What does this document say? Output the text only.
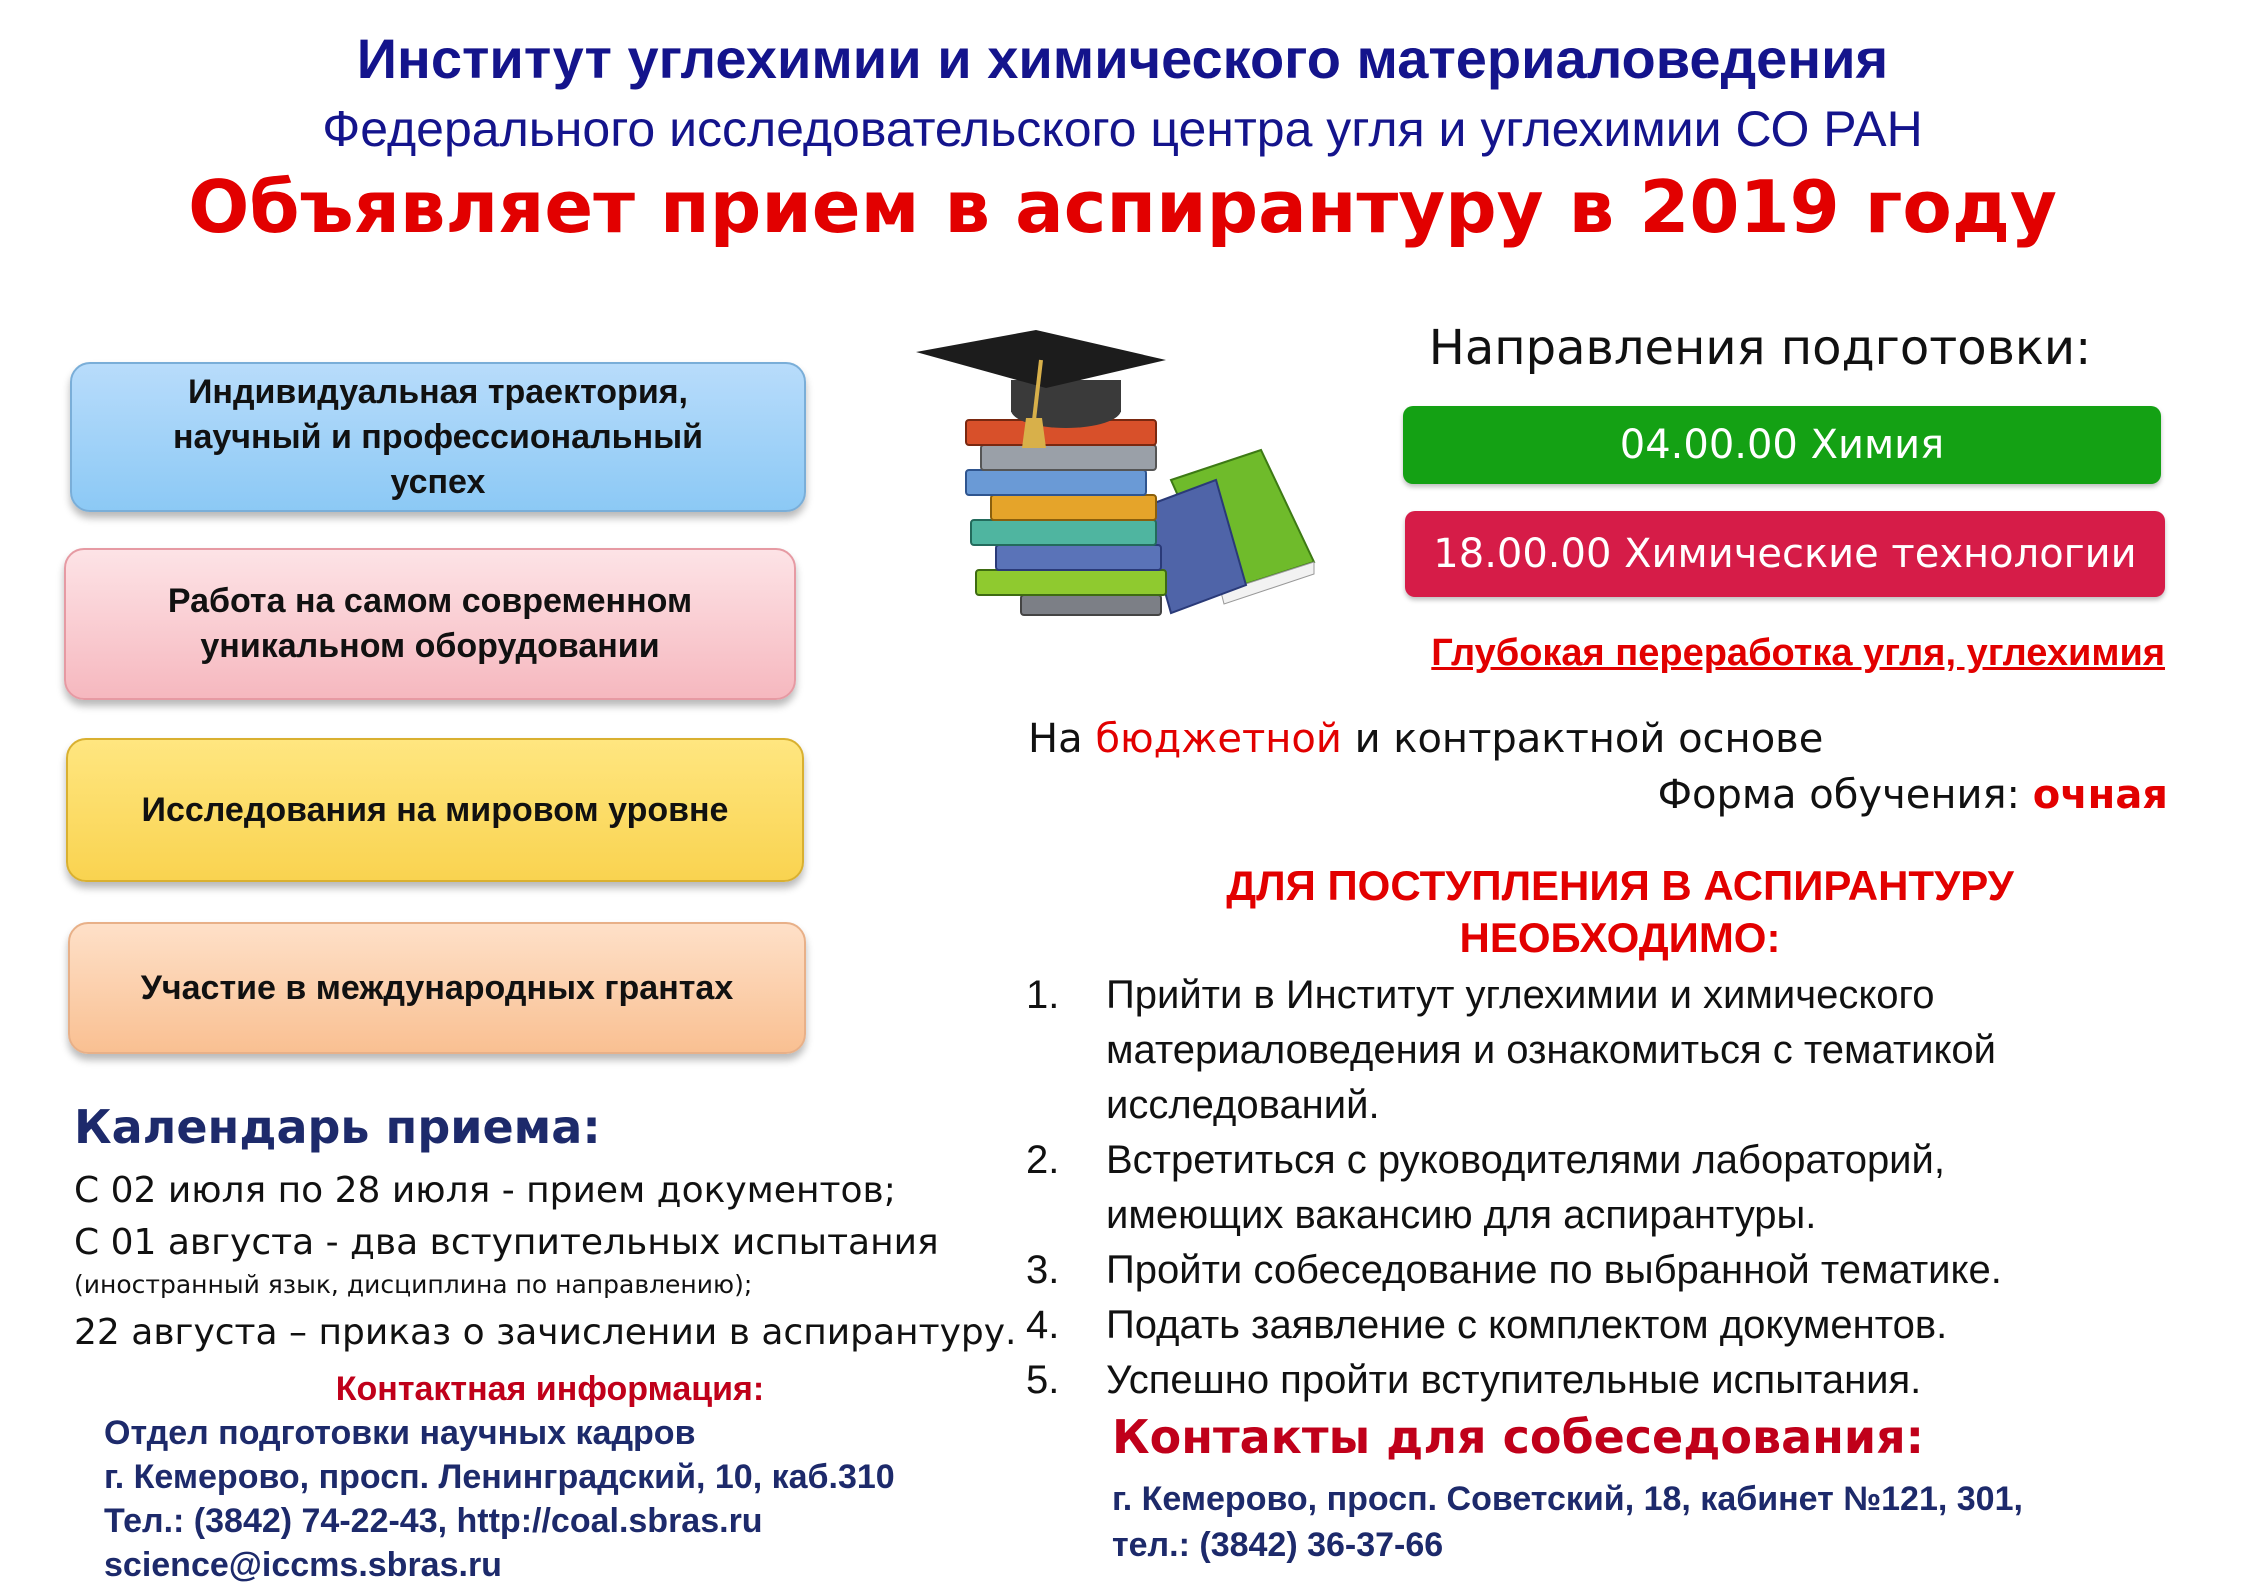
Институт углехимии и химического материаловедения
Федерального исследовательского центра угля и углехимии СО РАН
Объявляет прием в аспирантуру в 2019 году
Индивидуальная траектория,
научный и профессиональный
успех
Работа на самом современном
уникальном оборудовании
Исследования на мировом уровне
Участие в международных грантах
Направления подготовки:
04.00.00 Химия
18.00.00 Химические технологии
Глубокая переработка угля, углехимия
На бюджетной и контрактной основе
Форма обучения: очная
ДЛЯ ПОСТУПЛЕНИЯ В АСПИРАНТУРУ
НЕОБХОДИМО:
1.	Прийти в Институт углехимии и химического
материаловедения и ознакомиться с тематикой
исследований.
2.	Встретиться с руководителями лабораторий,
имеющих вакансию для аспирантуры.
3.	Пройти собеседование по выбранной тематике.
4.	Подать заявление с комплектом документов.
5.	Успешно пройти вступительные испытания.
Контакты для собеседования:
г. Кемерово, просп. Советский, 18, кабинет №121, 301,
тел.: (3842) 36-37-66
Календарь приема:
С 02 июля по 28 июля - прием документов;
С 01 августа - два вступительных испытания
(иностранный язык, дисциплина по направлению);
22 августа – приказ о зачислении в аспирантуру.
Контактная информация:
Отдел подготовки научных кадров
г. Кемерово, просп. Ленинградский, 10, каб.310
Тел.: (3842) 74-22-43, http://coal.sbras.ru
science@iccms.sbras.ru
